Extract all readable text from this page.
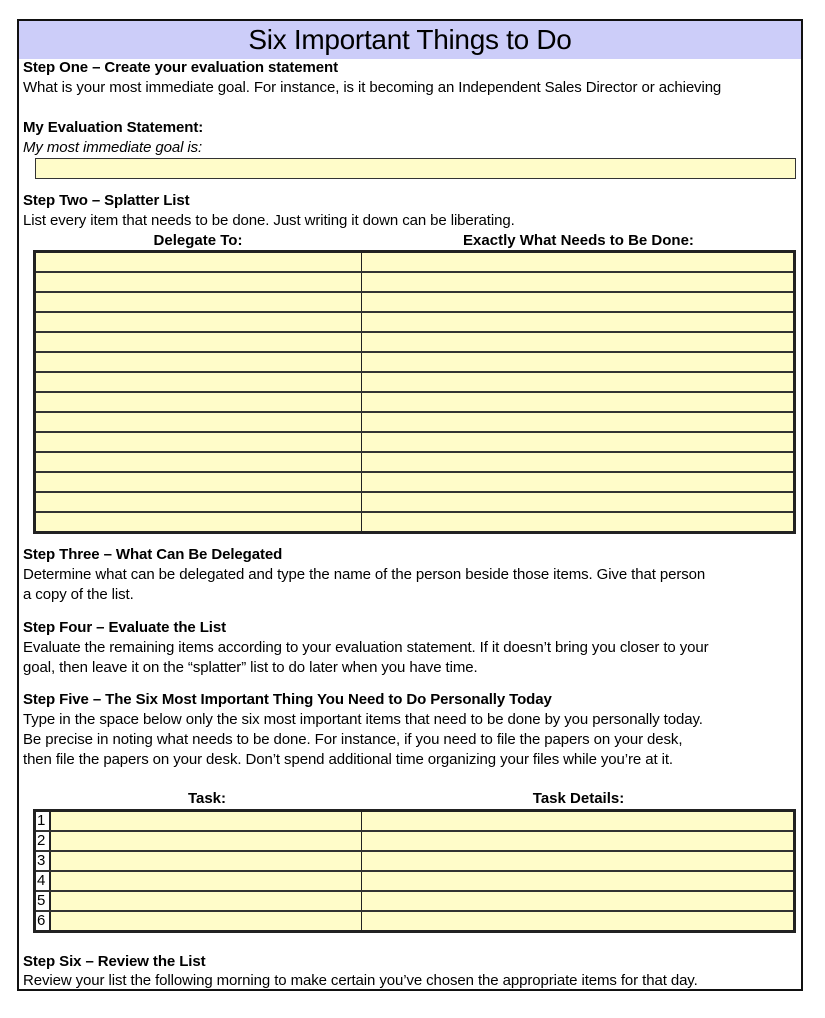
Six Important Things to Do
Step One – Create your evaluation statement
What is your most immediate goal. For instance, is it becoming an Independent Sales Director or achieving
My Evaluation Statement:
My most immediate goal is:
Step Two – Splatter List
List every item that needs to be done. Just writing it down can be liberating.
Delegate To:	Exactly What Needs to Be Done:
Step Three – What Can Be Delegated
Determine what can be delegated and type the name of the person beside those items. Give that person
a copy of the list.
Step Four – Evaluate the List
Evaluate the remaining items according to your evaluation statement. If it doesn’t bring you closer to your
goal, then leave it on the “splatter” list to do later when you have time.
Step Five – The Six Most Important Thing You Need to Do Personally Today
Type in the space below only the six most important items that need to be done by you personally today.
Be precise in noting what needs to be done. For instance, if you need to file the papers on your desk,
then file the papers on your desk. Don’t spend additional time organizing your files while you’re at it.
Task:	Task Details:
1
2
3
4
5
6
Step Six – Review the List
Review your list the following morning to make certain you’ve chosen the appropriate items for that day.
